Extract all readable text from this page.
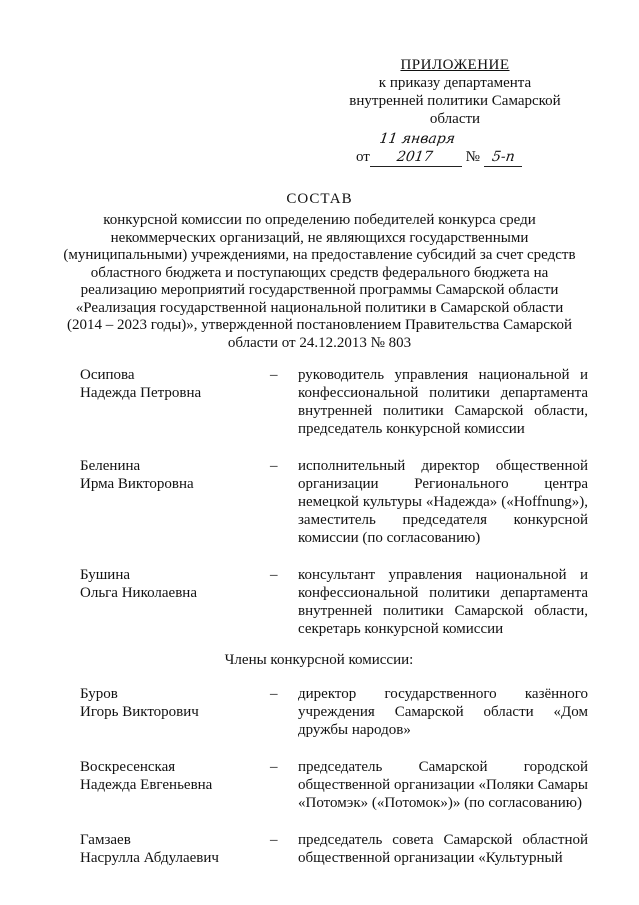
ПРИЛОЖЕНИЕ
к приказу департамента
внутренней политики Самарской
области
от11 января 2017 № 5-п
СОСТАВ
конкурсной комиссии по определению победителей конкурса среди некоммерческих организаций, не являющихся государственными (муниципальными) учреждениями, на предоставление субсидий за счет средств областного бюджета и поступающих средств федерального бюджета на реализацию мероприятий государственной программы Самарской области «Реализация государственной национальной политики в Самарской области (2014 – 2023 годы)», утвержденной постановлением Правительства Самарской области от 24.12.2013 № 803
Осипова
Надежда Петровна
–	руководитель управления национальной и конфессиональной политики департамента внутренней политики Самарской области, председатель конкурсной комиссии
Беленина
Ирма Викторовна
–	исполнительный директор общественной организации Регионального центра немецкой культуры «Надежда» («Hoffnung»), заместитель председателя конкурсной комиссии (по согласованию)
Бушина
Ольга Николаевна
–	консультант управления национальной и конфессиональной политики департамента внутренней политики Самарской области, секретарь конкурсной комиссии
Члены конкурсной комиссии:
Буров
Игорь Викторович
–	директор государственного казённого учреждения Самарской области «Дом дружбы народов»
Воскресенская
Надежда Евгеньевна
–	председатель Самарской городской общественной организации «Поляки Самары «Потомэк» («Потомок»)» (по согласованию)
Гамзаев
Насрулла Абдулаевич
–	председатель совета Самарской областной общественной организации «Культурный
